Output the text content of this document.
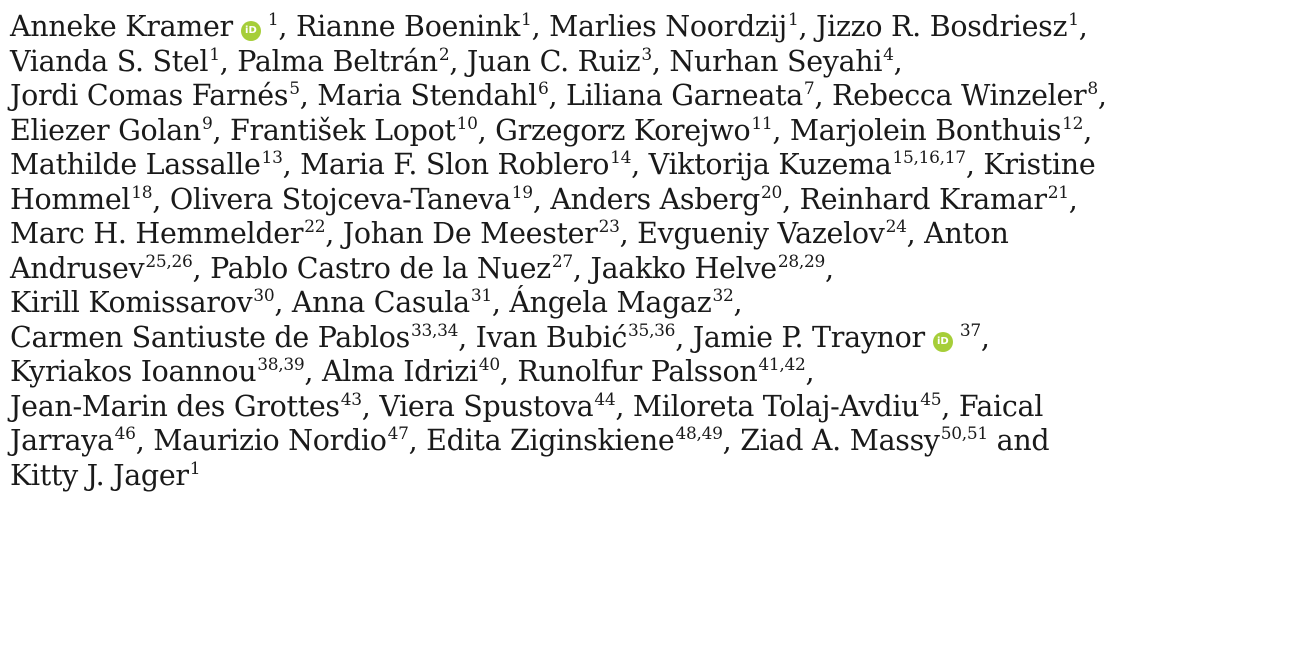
Anneke Kramer $iD^1$, Rianne Boenink$^1$, Marlies Noordzij$^1$, Jizzo R. Bosdriesz$^1$,
Vianda S. Stel$^1$, Palma Beltrán$^2$, Juan C. Ruiz$^3$, Nurhan Seyahi$^4$,
Jordi Comas Farnés$^5$, Maria Stendahl$^6$, Liliana Garneata$^7$, Rebecca Winzeler$^8$,
Eliezer Golan$^9$, František Lopot$^{10}$, Grzegorz Korejwo$^{11}$, Marjolein Bonthuis$^{12}$,
Mathilde Lassalle$^{13}$, Maria F. Slon Roblero$^{14}$, Viktorija Kuzema$^{15,16,17}$, Kristine
Hommel$^{18}$, Olivera Stojceva-Taneva$^{19}$, Anders Asberg$^{20}$, Reinhard Kramar$^{21}$,
Marc H. Hemmelder$^{22}$, Johan De Meester$^{23}$, Evgueniy Vazelov$^{24}$, Anton
Andrusev$^{25,26}$, Pablo Castro de la Nuez$^{27}$, Jaakko Helve$^{28,29}$,
Kirill Komissarov$^{30}$, Anna Casula$^{31}$, Ángela Magaz$^{32}$,
Carmen Santiuste de Pablos$^{33,34}$, Ivan Bubić$^{35,36}$, Jamie P. Traynor $iD^{37}$,
Kyriakos Ioannou$^{38,39}$, Alma Idrizi$^{40}$, Runolfur Palsson$^{41,42}$,
Jean-Marin des Grottes$^{43}$, Viera Spustova$^{44}$, Miloreta Tolaj-Avdiu$^{45}$, Faical
Jarraya$^{46}$, Maurizio Nordio$^{47}$, Edita Ziginskiene$^{48,49}$, Ziad A. Massy$^{50,51}$ and
Kitty J. Jager$^1$
